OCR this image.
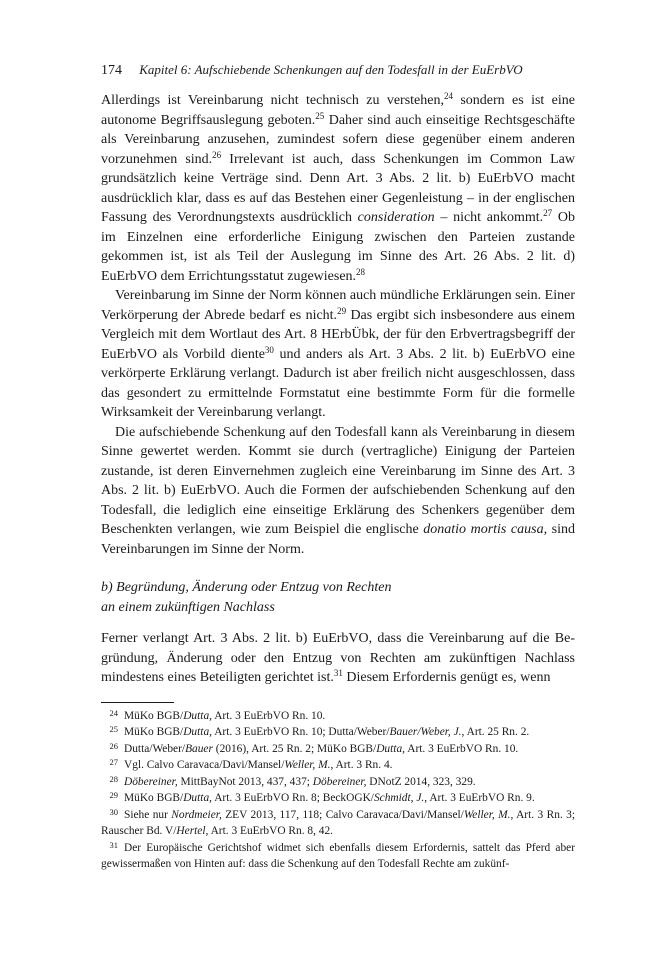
174 Kapitel 6: Aufschiebende Schenkungen auf den Todesfall in der EuErbVO

Allerdings ist Vereinbarung nicht technisch zu verstehen,$^{24}$ sondern es ist eine autonome Begriffsauslegung geboten.$^{25}$ Daher sind auch einseitige Rechtsgeschäfte als Vereinbarung anzusehen, zumindest sofern diese gegenüber einem anderen vorzunehmen sind.$^{26}$ Irrelevant ist auch, dass Schenkungen im Common Law grundsätzlich keine Verträge sind. Denn Art. 3 Abs. 2 lit. b) EuErbVO macht ausdrücklich klar, dass es auf das Bestehen einer Gegenleistung – in der englischen Fassung des Verordnungstexts ausdrücklich consideration – nicht ankommt.$^{27}$ Ob im Einzelnen eine erforderliche Einigung zwischen den Parteien zustande gekommen ist, ist als Teil der Auslegung im Sinne des Art. 26 Abs. 2 lit. d) EuErbVO dem Errichtungsstatut zugewiesen.$^{28}$

Vereinbarung im Sinne der Norm können auch mündliche Erklärungen sein. Einer Verkörperung der Abrede bedarf es nicht.$^{29}$ Das ergibt sich insbesondere aus einem Vergleich mit dem Wortlaut des Art. 8 HErbÜbk, der für den Erbvertragsbegriff der EuErbVO als Vorbild diente$^{30}$ und anders als Art. 3 Abs. 2 lit. b) EuErbVO eine verkörperte Erklärung verlangt. Dadurch ist aber freilich nicht ausgeschlossen, dass das gesondert zu ermittelnde Formstatut eine bestimmte Form für die formelle Wirksamkeit der Vereinbarung verlangt.

Die aufschiebende Schenkung auf den Todesfall kann als Vereinbarung in diesem Sinne gewertet werden. Kommt sie durch (vertragliche) Einigung der Parteien zustande, ist deren Einvernehmen zugleich eine Vereinbarung im Sinne des Art. 3 Abs. 2 lit. b) EuErbVO. Auch die Formen der aufschiebenden Schenkung auf den Todesfall, die lediglich eine einseitige Erklärung des Schenkers gegenüber dem Beschenkten verlangen, wie zum Beispiel die englische donatio mortis causa, sind Vereinbarungen im Sinne der Norm.

b) Begründung, Änderung oder Entzug von Rechten
an einem zukünftigen Nachlass

Ferner verlangt Art. 3 Abs. 2 lit. b) EuErbVO, dass die Vereinbarung auf die Begründung, Änderung oder den Entzug von Rechten am zukünftigen Nachlass mindestens eines Beteiligten gerichtet ist.$^{31}$ Diesem Erfordernis genügt es, wenn

24 MüKo BGB/Dutta, Art. 3 EuErbVO Rn. 10.

25 MüKo BGB/Dutta, Art. 3 EuErbVO Rn. 10; Dutta/Weber/Bauer/Weber, J., Art. 25 Rn. 2.

26 Dutta/Weber/Bauer (2016), Art. 25 Rn. 2; MüKo BGB/Dutta, Art. 3 EuErbVO Rn. 10.

27 Vgl. Calvo Caravaca/Davi/Mansel/Weller, M., Art. 3 Rn. 4.

28 Döbereiner, MittBayNot 2013, 437, 437; Döbereiner, DNotZ 2014, 323, 329.

29 MüKo BGB/Dutta, Art. 3 EuErbVO Rn. 8; BeckOGK/Schmidt, J., Art. 3 EuErbVO Rn. 9.

30 Siehe nur Nordmeier, ZEV 2013, 117, 118; Calvo Caravaca/Davi/Mansel/Weller, M., Art. 3 Rn. 3; Rauscher Bd. V/Hertel, Art. 3 EuErbVO Rn. 8, 42.

31 Der Europäische Gerichtshof widmet sich ebenfalls diesem Erfordernis, sattelt das Pferd aber gewissermaßen von Hinten auf: dass die Schenkung auf den Todesfall Rechte am zukünf-
